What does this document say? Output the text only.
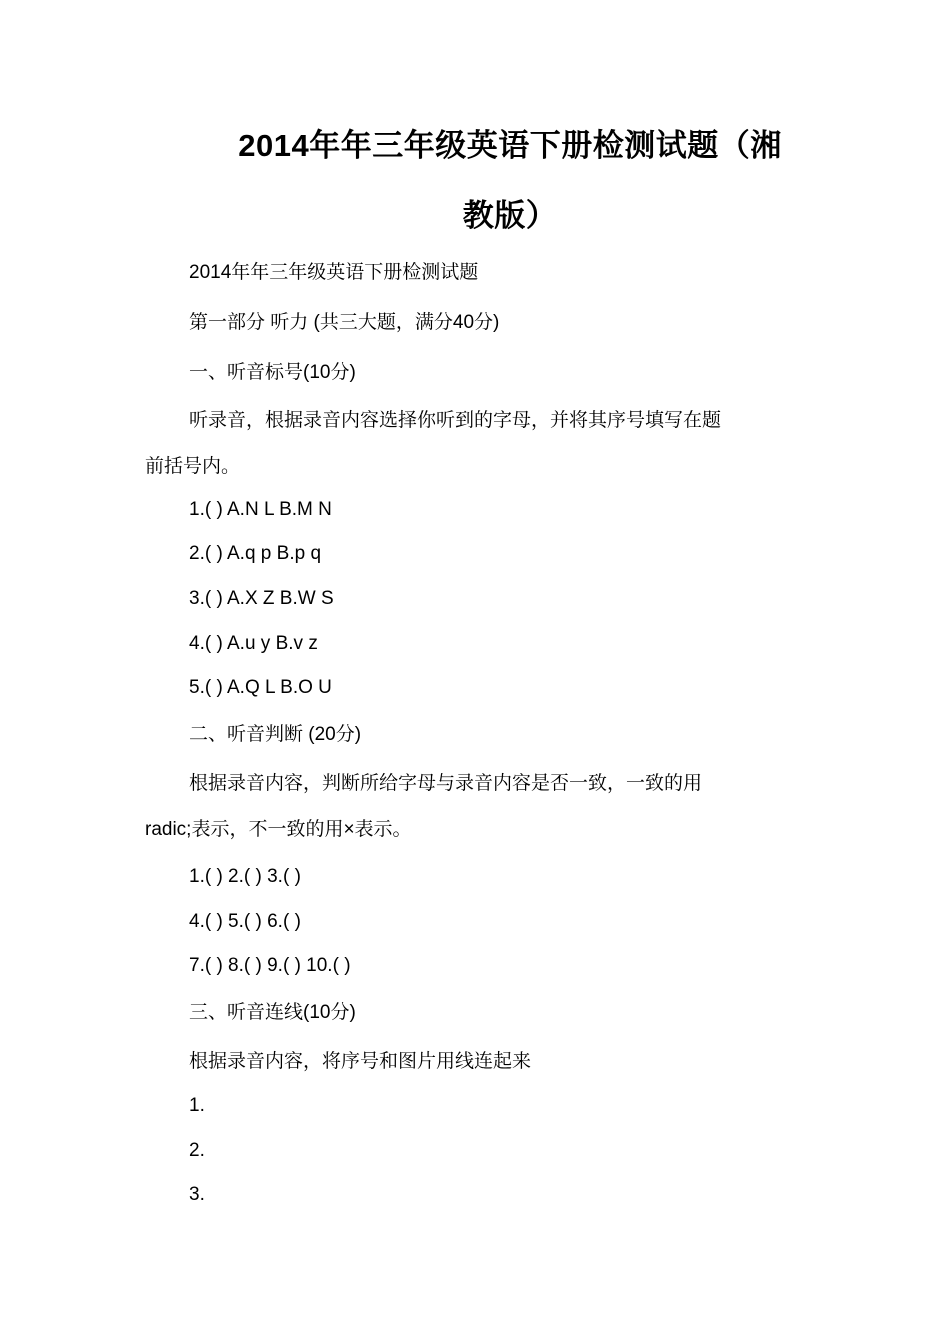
2014年年三年级英语下册检测试题（湘
教版）
2014年年三年级英语下册检测试题
第一部分 听力 (共三大题，满分40分)
一、听音标号(10分)
听录音，根据录音内容选择你听到的字母，并将其序号填写在题
前括号内。
1.( ) A.N L B.M N
2.( ) A.q p B.p q
3.( ) A.X Z B.W S
4.( ) A.u y B.v z
5.( ) A.Q L B.O U
二、听音判断 (20分)
根据录音内容，判断所给字母与录音内容是否一致，一致的用
radic;表示，不一致的用×表示。
1.( ) 2.( ) 3.( )
4.( ) 5.( ) 6.( )
7.( ) 8.( ) 9.( ) 10.( )
三、听音连线(10分)
根据录音内容，将序号和图片用线连起来
1.
2.
3.
